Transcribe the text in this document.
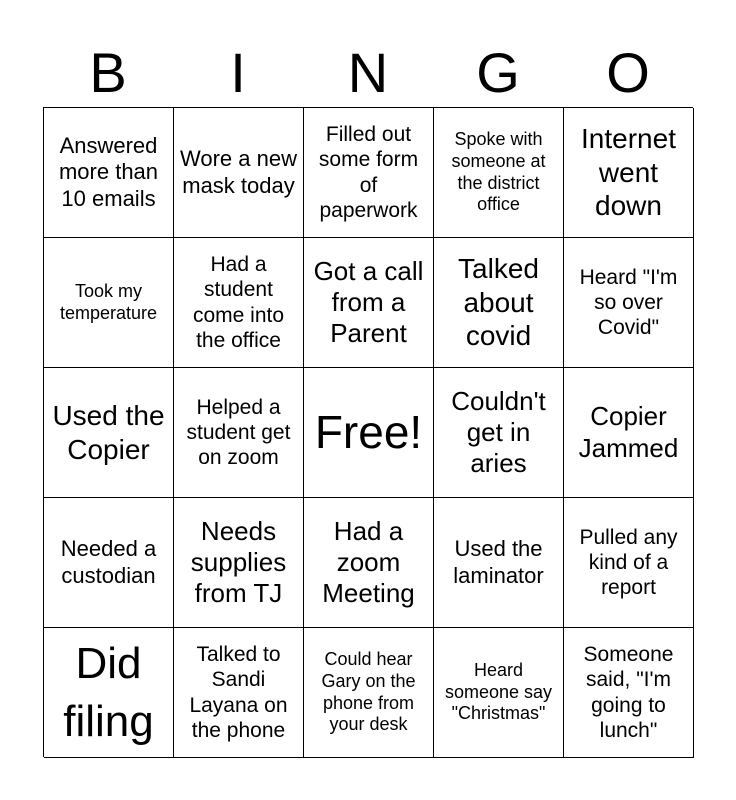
B	I	N	G	O
Answered more than 10 emails
Wore a new mask today
Filled out some form of paperwork
Spoke with someone at the district office
Internet went down
Took my temperature
Had a student come into the office
Got a call from a Parent
Talked about covid
Heard "I'm so over Covid"
Used the Copier
Helped a student get on zoom Free!
Couldn't get in aries
Copier Jammed
Needed a custodian
Needs supplies from TJ
Had a zoom Meeting
Used the laminator
Pulled any kind of a report
Did filing
Talked to Sandi Layana on the phone
Could hear Gary on the phone from your desk
Heard someone say "Christmas"
Someone said, "I'm going to lunch"
